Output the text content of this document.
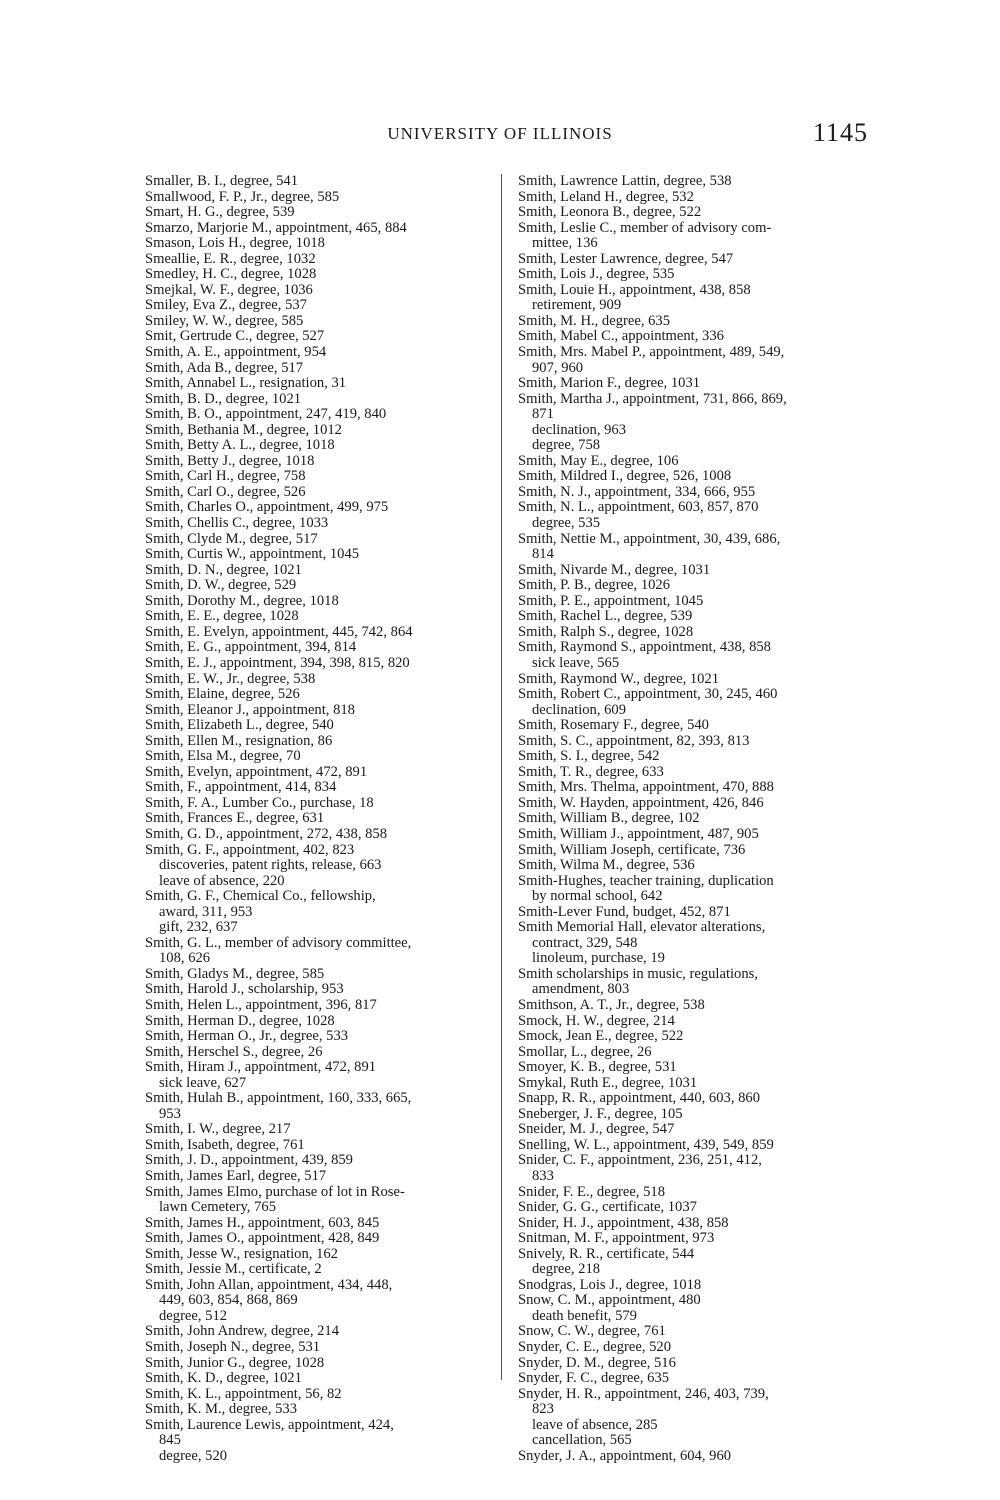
UNIVERSITY OF ILLINOIS	1145
Smaller, B. I., degree, 541
Smallwood, F. P., Jr., degree, 585
Smart, H. G., degree, 539
Smarzo, Marjorie M., appointment, 465, 884
Smason, Lois H., degree, 1018
Smeallie, E. R., degree, 1032
Smedley, H. C., degree, 1028
Smejkal, W. F., degree, 1036
Smiley, Eva Z., degree, 537
Smiley, W. W., degree, 585
Smit, Gertrude C., degree, 527
Smith, A. E., appointment, 954
Smith, Ada B., degree, 517
Smith, Annabel L., resignation, 31
Smith, B. D., degree, 1021
Smith, B. O., appointment, 247, 419, 840
Smith, Bethania M., degree, 1012
Smith, Betty A. L., degree, 1018
Smith, Betty J., degree, 1018
Smith, Carl H., degree, 758
Smith, Carl O., degree, 526
Smith, Charles O., appointment, 499, 975
Smith, Chellis C., degree, 1033
Smith, Clyde M., degree, 517
Smith, Curtis W., appointment, 1045
Smith, D. N., degree, 1021
Smith, D. W., degree, 529
Smith, Dorothy M., degree, 1018
Smith, E. E., degree, 1028
Smith, E. Evelyn, appointment, 445, 742, 864
Smith, E. G., appointment, 394, 814
Smith, E. J., appointment, 394, 398, 815, 820
Smith, E. W., Jr., degree, 538
Smith, Elaine, degree, 526
Smith, Eleanor J., appointment, 818
Smith, Elizabeth L., degree, 540
Smith, Ellen M., resignation, 86
Smith, Elsa M., degree, 70
Smith, Evelyn, appointment, 472, 891
Smith, F., appointment, 414, 834
Smith, F. A., Lumber Co., purchase, 18
Smith, Frances E., degree, 631
Smith, G. D., appointment, 272, 438, 858
Smith, G. F., appointment, 402, 823
discoveries, patent rights, release, 663
leave of absence, 220
Smith, G. F., Chemical Co., fellowship,
award, 311, 953
gift, 232, 637
Smith, G. L., member of advisory committee,
108, 626
Smith, Gladys M., degree, 585
Smith, Harold J., scholarship, 953
Smith, Helen L., appointment, 396, 817
Smith, Herman D., degree, 1028
Smith, Herman O., Jr., degree, 533
Smith, Herschel S., degree, 26
Smith, Hiram J., appointment, 472, 891
sick leave, 627
Smith, Hulah B., appointment, 160, 333, 665,
953
Smith, I. W., degree, 217
Smith, Isabeth, degree, 761
Smith, J. D., appointment, 439, 859
Smith, James Earl, degree, 517
Smith, James Elmo, purchase of lot in Rose-
lawn Cemetery, 765
Smith, James H., appointment, 603, 845
Smith, James O., appointment, 428, 849
Smith, Jesse W., resignation, 162
Smith, Jessie M., certificate, 2
Smith, John Allan, appointment, 434, 448,
449, 603, 854, 868, 869
degree, 512
Smith, John Andrew, degree, 214
Smith, Joseph N., degree, 531
Smith, Junior G., degree, 1028
Smith, K. D., degree, 1021
Smith, K. L., appointment, 56, 82
Smith, K. M., degree, 533
Smith, Laurence Lewis, appointment, 424,
845
degree, 520
Smith, Lawrence Lattin, degree, 538
Smith, Leland H., degree, 532
Smith, Leonora B., degree, 522
Smith, Leslie C., member of advisory com-
mittee, 136
Smith, Lester Lawrence, degree, 547
Smith, Lois J., degree, 535
Smith, Louie H., appointment, 438, 858
retirement, 909
Smith, M. H., degree, 635
Smith, Mabel C., appointment, 336
Smith, Mrs. Mabel P., appointment, 489, 549,
907, 960
Smith, Marion F., degree, 1031
Smith, Martha J., appointment, 731, 866, 869,
871
declination, 963
degree, 758
Smith, May E., degree, 106
Smith, Mildred I., degree, 526, 1008
Smith, N. J., appointment, 334, 666, 955
Smith, N. L., appointment, 603, 857, 870
degree, 535
Smith, Nettie M., appointment, 30, 439, 686,
814
Smith, Nivarde M., degree, 1031
Smith, P. B., degree, 1026
Smith, P. E., appointment, 1045
Smith, Rachel L., degree, 539
Smith, Ralph S., degree, 1028
Smith, Raymond S., appointment, 438, 858
sick leave, 565
Smith, Raymond W., degree, 1021
Smith, Robert C., appointment, 30, 245, 460
declination, 609
Smith, Rosemary F., degree, 540
Smith, S. C., appointment, 82, 393, 813
Smith, S. I., degree, 542
Smith, T. R., degree, 633
Smith, Mrs. Thelma, appointment, 470, 888
Smith, W. Hayden, appointment, 426, 846
Smith, William B., degree, 102
Smith, William J., appointment, 487, 905
Smith, William Joseph, certificate, 736
Smith, Wilma M., degree, 536
Smith-Hughes, teacher training, duplication
by normal school, 642
Smith-Lever Fund, budget, 452, 871
Smith Memorial Hall, elevator alterations,
contract, 329, 548
linoleum, purchase, 19
Smith scholarships in music, regulations,
amendment, 803
Smithson, A. T., Jr., degree, 538
Smock, H. W., degree, 214
Smock, Jean E., degree, 522
Smollar, L., degree, 26
Smoyer, K. B., degree, 531
Smykal, Ruth E., degree, 1031
Snapp, R. R., appointment, 440, 603, 860
Sneberger, J. F., degree, 105
Sneider, M. J., degree, 547
Snelling, W. L., appointment, 439, 549, 859
Snider, C. F., appointment, 236, 251, 412,
833
Snider, F. E., degree, 518
Snider, G. G., certificate, 1037
Snider, H. J., appointment, 438, 858
Snitman, M. F., appointment, 973
Snively, R. R., certificate, 544
degree, 218
Snodgras, Lois J., degree, 1018
Snow, C. M., appointment, 480
death benefit, 579
Snow, C. W., degree, 761
Snyder, C. E., degree, 520
Snyder, D. M., degree, 516
Snyder, F. C., degree, 635
Snyder, H. R., appointment, 246, 403, 739,
823
leave of absence, 285
cancellation, 565
Snyder, J. A., appointment, 604, 960
